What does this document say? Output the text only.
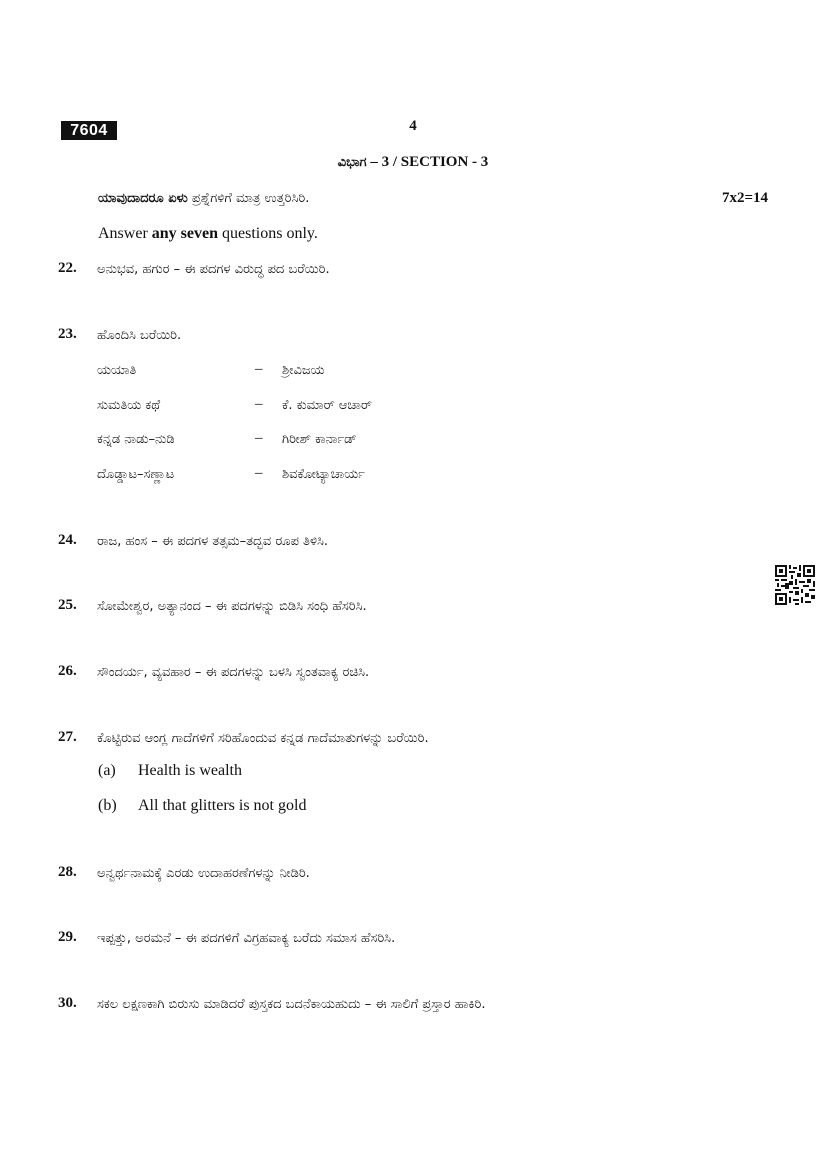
7604	4
ವಿಭಾಗ – 3 / SECTION - 3
ಯಾವುದಾದರೂ ಏಳು ಪ್ರಶ್ನೆಗಳಿಗೆ ಮಾತ್ರ ಉತ್ತರಿಸಿರಿ.	7x2=14
Answer any seven questions only.
22.	ಅನುಭವ, ಹಗುರ – ಈ ಪದಗಳ ವಿರುದ್ಧ ಪದ ಬರೆಯಿರಿ.
23.	ಹೊಂದಿಸಿ ಬರೆಯಿರಿ.
ಯಯಾತಿ	– ಶ್ರೀವಿಜಯ
ಸುಮತಿಯ ಕಥೆ	– ಕೆ. ಕುಮಾರ್ ಆಚಾರ್
ಕನ್ನಡ ನಾಡು–ನುಡಿ	– ಗಿರೀಶ್ ಕಾರ್ನಾಡ್
ದೊಡ್ಡಾಟ–ಸಣ್ಣಾಟ	– ಶಿವಕೋಟ್ಯಾಚಾರ್ಯ
24.	ರಾಜ, ಹಂಸ – ಈ ಪದಗಳ ತತ್ಸಮ–ತದ್ಭವ ರೂಪ ತಿಳಿಸಿ.
25.	ಸೋಮೇಶ್ವರ, ಅತ್ಯಾನಂದ – ಈ ಪದಗಳನ್ನು ಬಿಡಿಸಿ ಸಂಧಿ ಹೆಸರಿಸಿ.
26.	ಸೌಂದರ್ಯ, ವ್ಯವಹಾರ – ಈ ಪದಗಳನ್ನು ಬಳಸಿ ಸ್ವಂತವಾಕ್ಯ ರಚಿಸಿ.
27.	ಕೊಟ್ಟಿರುವ ಆಂಗ್ಲ ಗಾದೆಗಳಿಗೆ ಸರಿಹೊಂದುವ ಕನ್ನಡ ಗಾದೆಮಾತುಗಳನ್ನು ಬರೆಯಿರಿ.
(a) Health is wealth
(b) All that glitters is not gold
28.	ಅನ್ವರ್ಥನಾಮಕ್ಕೆ ಎರಡು ಉದಾಹರಣೆಗಳನ್ನು ನೀಡಿರಿ.
29.	ಇಪ್ಪತ್ತು, ಅರಮನೆ – ಈ ಪದಗಳಿಗೆ ವಿಗ್ರಹವಾಕ್ಯ ಬರೆದು ಸಮಾಸ ಹೆಸರಿಸಿ.
30.	ಸಕಲ ಲಕ್ಷಣಕಾಗಿ ಬಿರುಸು ಮಾಡಿದರೆ ಪುಸ್ತಕದ ಬದನೆಕಾಯಹುದು – ಈ ಸಾಲಿಗೆ ಪ್ರಸ್ತಾರ ಹಾಕಿರಿ.
